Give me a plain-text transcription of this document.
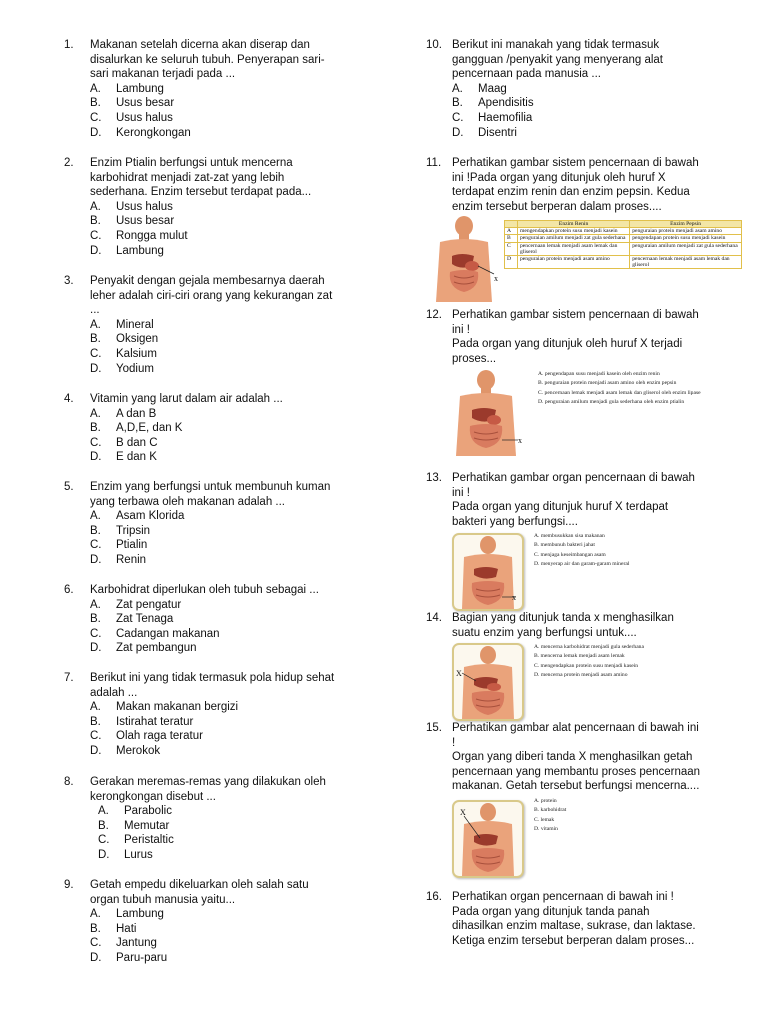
1.	Makanan setelah dicerna akan diserap dan
disalurkan ke seluruh tubuh. Penyerapan sari-
sari makanan terjadi pada ...
A.	Lambung
B.	Usus besar
C.	Usus halus
D.	Kerongkongan
2.	Enzim Ptialin berfungsi untuk mencerna
karbohidrat menjadi zat-zat yang lebih
sederhana. Enzim tersebut terdapat pada...
A.	Usus halus
B.	Usus besar
C.	Rongga mulut
D.	Lambung
3.	Penyakit dengan gejala membesarnya daerah
leher adalah ciri-ciri orang yang kekurangan zat
...
A.	Mineral
B.	Oksigen
C.	Kalsium
D.	Yodium
4.	Vitamin yang larut dalam air adalah ...
A.	A dan B
B.	A,D,E, dan K
C.	B dan C
D.	E dan K
5.	Enzim yang berfungsi untuk membunuh kuman
yang terbawa oleh makanan adalah ...
A.	Asam Klorida
B.	Tripsin
C.	Ptialin
D.	Renin
6.	Karbohidrat diperlukan oleh tubuh sebagai ...
A.	Zat pengatur
B.	Zat Tenaga
C.	Cadangan makanan
D.	Zat pembangun
7.	Berikut ini yang tidak termasuk pola hidup sehat
adalah ...
A.	Makan makanan bergizi
B.	Istirahat teratur
C.	Olah raga teratur
D.	Merokok
8.	Gerakan meremas-remas yang dilakukan oleh
kerongkongan disebut ...
A.	Parabolic
B.	Memutar
C.	Peristaltic
D.	Lurus
9.	Getah empedu dikeluarkan oleh salah satu
organ tubuh manusia yaitu...
A.	Lambung
B.	Hati
C.	Jantung
D.	Paru-paru
10. Berikut ini manakah yang tidak termasuk
gangguan /penyakit yang menyerang alat
pencernaan pada manusia ...
A.	Maag
B.	Apendisitis
C.	Haemofilia
D.	Disentri
11. Perhatikan gambar sistem pencernaan di bawah
ini !Pada organ yang ditunjuk oleh huruf X
terdapat enzim renin dan enzim pepsin. Kedua
enzim tersebut berperan dalam proses....
x
	Enzim Renin	Enzim Pepsin
A	mengendapkan protein susu menjadi kasein	penguraian protein menjadi asam amino
B	penguraian amilum menjadi zat gula sederhana	pengendapan protein susu menjadi kasein
C	pencernaan lemak menjadi asam lemak dan gliserol	penguraian amilum menjadi zat gula sederhana
D	penguraian protein menjadi asam amino	pencernaan lemak menjadi asam lemak dan gliserol
12. Perhatikan gambar sistem pencernaan di bawah
ini !
Pada organ yang ditunjuk oleh huruf X terjadi
proses...
x
A. pengendapan susu menjadi kasein oleh enzim renin
B. penguraian protein menjadi asam amino oleh enzim pepsin
C. pencernaan lemak menjadi asam lemak dan gliserol oleh enzim lipase
D. penguraian amilum menjadi gula sederhana oleh enzim ptialin
13. Perhatikan gambar organ pencernaan di bawah
ini !
Pada organ yang ditunjuk huruf X terdapat
bakteri yang berfungsi....
x
A. membusukkan sisa makanan
B. membunuh bakteri jahat
C. menjaga keseimbangan asam
D. menyerap air dan garam-garam mineral
14. Bagian yang ditunjuk tanda x menghasilkan
suatu enzim yang berfungsi untuk....
X
A. mencerna karbohidrat menjadi gula sederhana
B. mencerna lemak menjadi asam lemak
C. mengendapkan protein susu menjadi kasein
D. mencerna protein menjadi asam amino
15. Perhatikan gambar alat pencernaan di bawah ini
!
Organ yang diberi tanda X menghasilkan getah
pencernaan yang membantu proses pencernaan
makanan. Getah tersebut berfungsi mencerna....
X
A. protein
B. karbohidrat
C. lemak
D. vitamin
16. Perhatikan organ pencernaan di bawah ini !
Pada organ yang ditunjuk tanda panah
dihasilkan enzim maltase, sukrase, dan laktase.
Ketiga enzim tersebut berperan dalam proses...
